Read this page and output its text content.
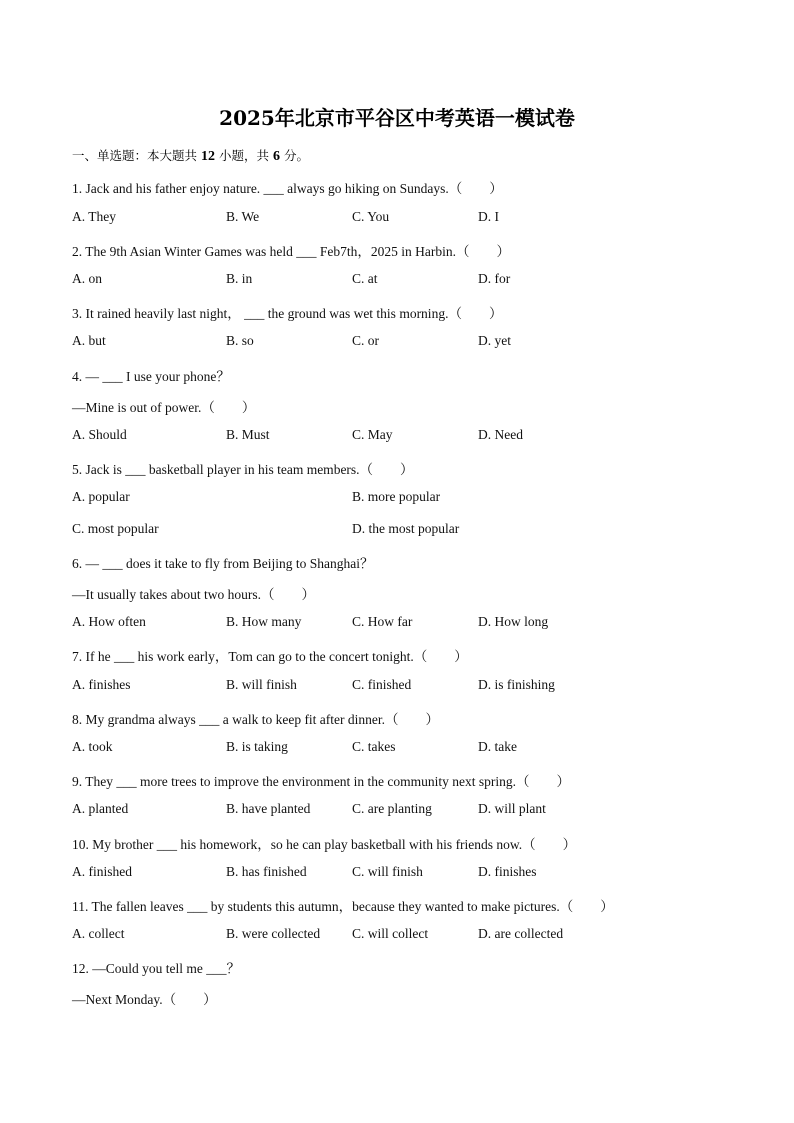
2025年北京市平谷区中考英语一模试卷
一、单选题：本大题共 12 小题，共 6 分。
1. Jack and his father enjoy nature. ___ always go hiking on Sundays.（　　）
A. They	B. We	C. You	D. I
2. The 9th Asian Winter Games was held ___ Feb7th，2025 in Harbin.（　　）
A. on	B. in	C. at	D. for
3. It rained heavily last night， ___ the ground was wet this morning.（　　）
A. but	B. so	C. or	D. yet
4. — ___ I use your phone？
—Mine is out of power.（　　）
A. Should	B. Must	C. May	D. Need
5. Jack is ___ basketball player in his team members.（　　）
A. popular	B. more popular
C. most popular	D. the most popular
6. — ___ does it take to fly from Beijing to Shanghai？
—It usually takes about two hours.（　　）
A. How often	B. How many	C. How far	D. How long
7. If he ___ his work early，Tom can go to the concert tonight.（　　）
A. finishes	B. will finish	C. finished	D. is finishing
8. My grandma always ___ a walk to keep fit after dinner.（　　）
A. took	B. is taking	C. takes	D. take
9. They ___ more trees to improve the environment in the community next spring.（　　）
A. planted	B. have planted	C. are planting	D. will plant
10. My brother ___ his homework，so he can play basketball with his friends now.（　　）
A. finished	B. has finished	C. will finish	D. finishes
11. The fallen leaves ___ by students this autumn，because they wanted to make pictures.（　　）
A. collect	B. were collected C. will collect	D. are collected
12. —Could you tell me ___？
—Next Monday.（　　）
